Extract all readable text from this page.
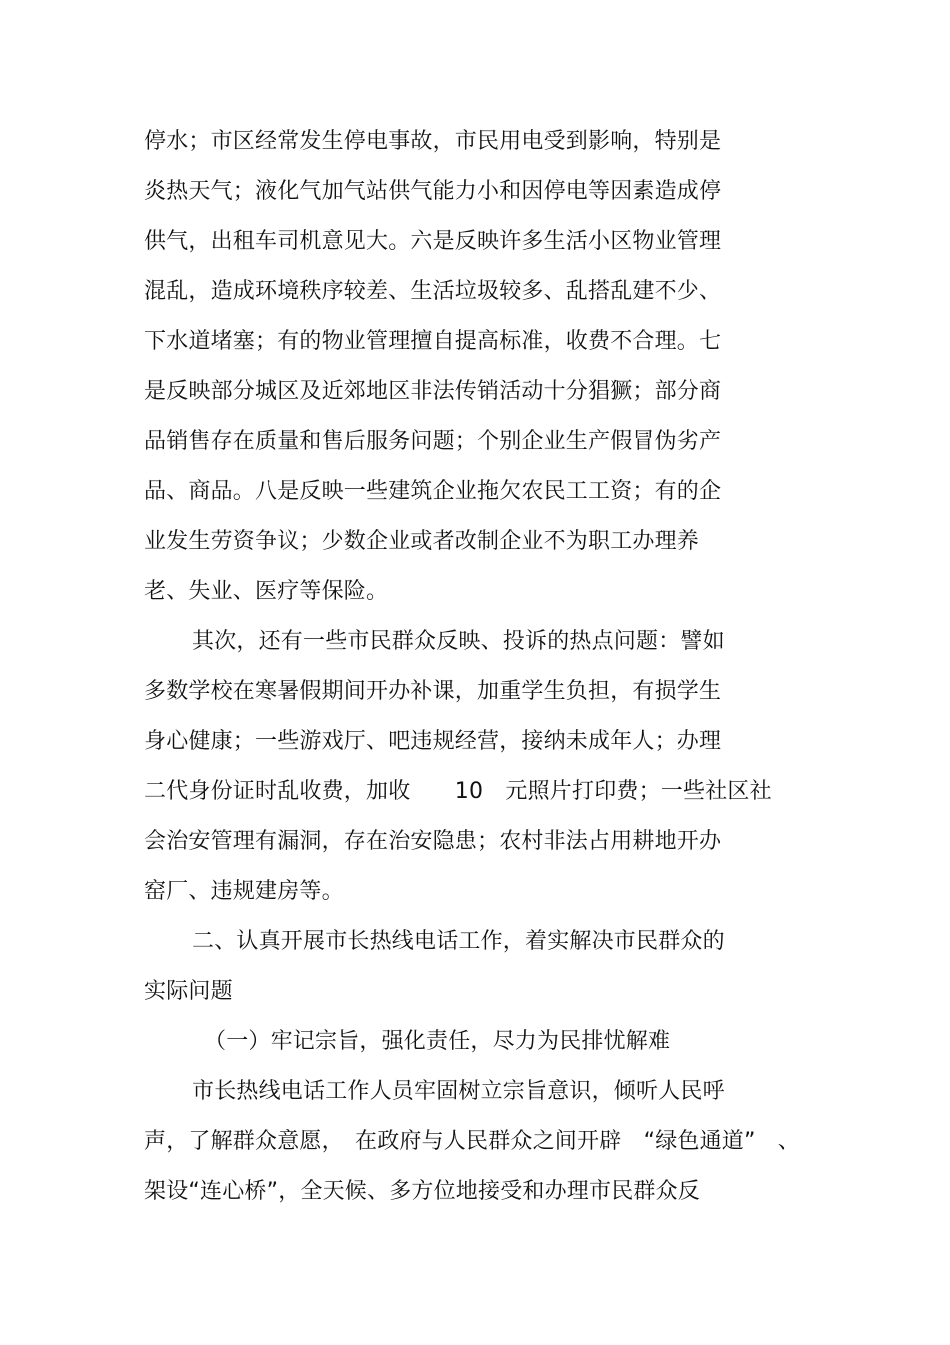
停水；市区经常发生停电事故，市民用电受到影响，特别是
炎热天气；液化气加气站供气能力小和因停电等因素造成停
供气，出租车司机意见大。六是反映许多生活小区物业管理
混乱，造成环境秩序较差、生活垃圾较多、乱搭乱建不少、
下水道堵塞；有的物业管理擅自提高标准，收费不合理。七
是反映部分城区及近郊地区非法传销活动十分猖獗；部分商
品销售存在质量和售后服务问题；个别企业生产假冒伪劣产
品、商品。八是反映一些建筑企业拖欠农民工工资；有的企
业发生劳资争议；少数企业或者改制企业不为职工办理养
老、失业、医疗等保险。
其次，还有一些市民群众反映、投诉的热点问题：譬如
多数学校在寒暑假期间开办补课，加重学生负担，有损学生
身心健康；一些游戏厅、吧违规经营，接纳未成年人；办理
二代身份证时乱收费，加收　　10　元照片打印费；一些社区社
会治安管理有漏洞，存在治安隐患；农村非法占用耕地开办
窑厂、违规建房等。
二、认真开展市长热线电话工作，着实解决市民群众的
实际问题
（一）牢记宗旨，强化责任，尽力为民排忧解难
市长热线电话工作人员牢固树立宗旨意识，倾听人民呼
声，了解群众意愿，　在政府与人民群众之间开辟　“绿色通道”　、
架设“连心桥”，全天候、多方位地接受和办理市民群众反
